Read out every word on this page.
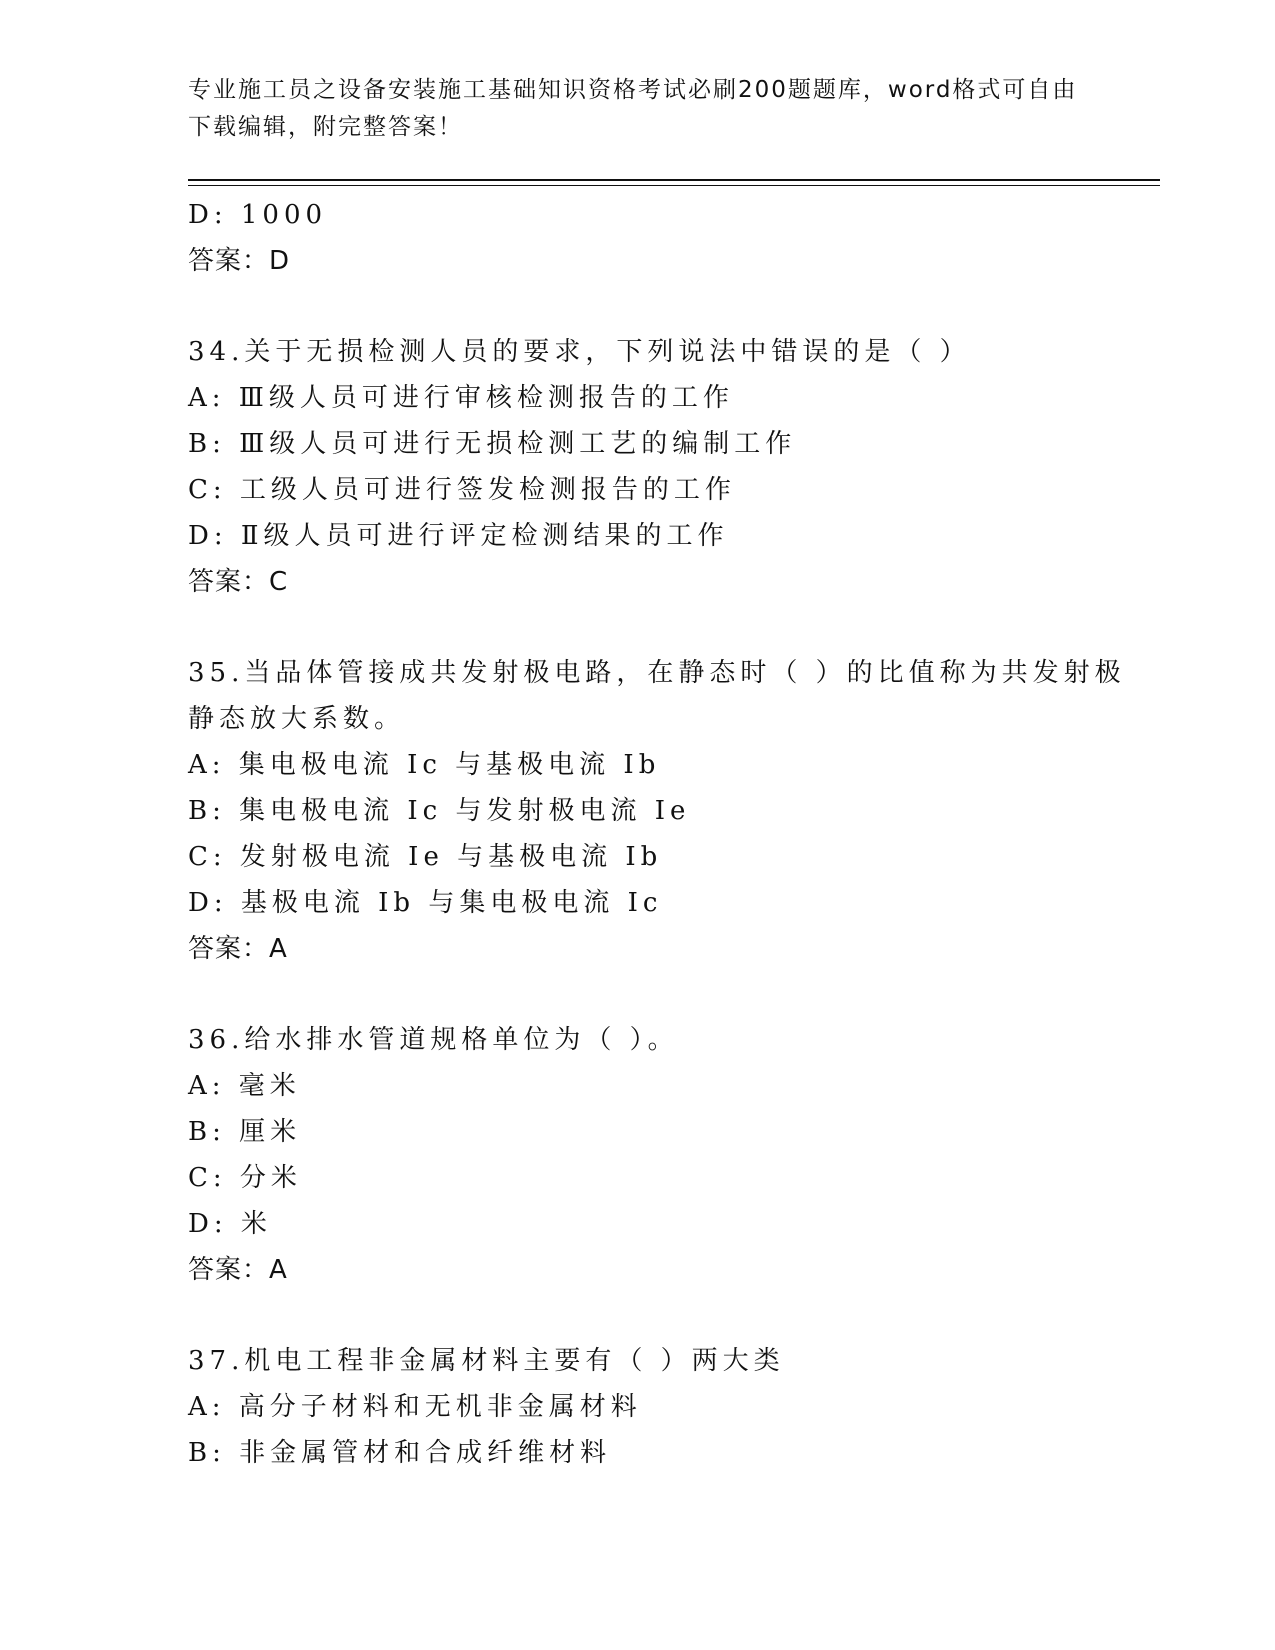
专业施工员之设备安装施工基础知识资格考试必刷200题题库，word格式可自由
下载编辑，附完整答案！
D: 1000
答案：D
34.关于无损检测人员的要求，下列说法中错误的是（ ）
A: Ⅲ级人员可进行审核检测报告的工作
B: Ⅲ级人员可进行无损检测工艺的编制工作
C: 工级人员可进行签发检测报告的工作
D: Ⅱ级人员可进行评定检测结果的工作
答案：C
35.当品体管接成共发射极电路，在静态时（ ）的比值称为共发射极
静态放大系数。
A: 集电极电流 Ic 与基极电流 Ib
B: 集电极电流 Ic 与发射极电流 Ie
C: 发射极电流 Ie 与基极电流 Ib
D: 基极电流 Ib 与集电极电流 Ic
答案：A
36.给水排水管道规格单位为（ ）。
A: 毫米
B: 厘米
C: 分米
D: 米
答案：A
37.机电工程非金属材料主要有（ ）两大类
A: 高分子材料和无机非金属材料
B: 非金属管材和合成纤维材料
